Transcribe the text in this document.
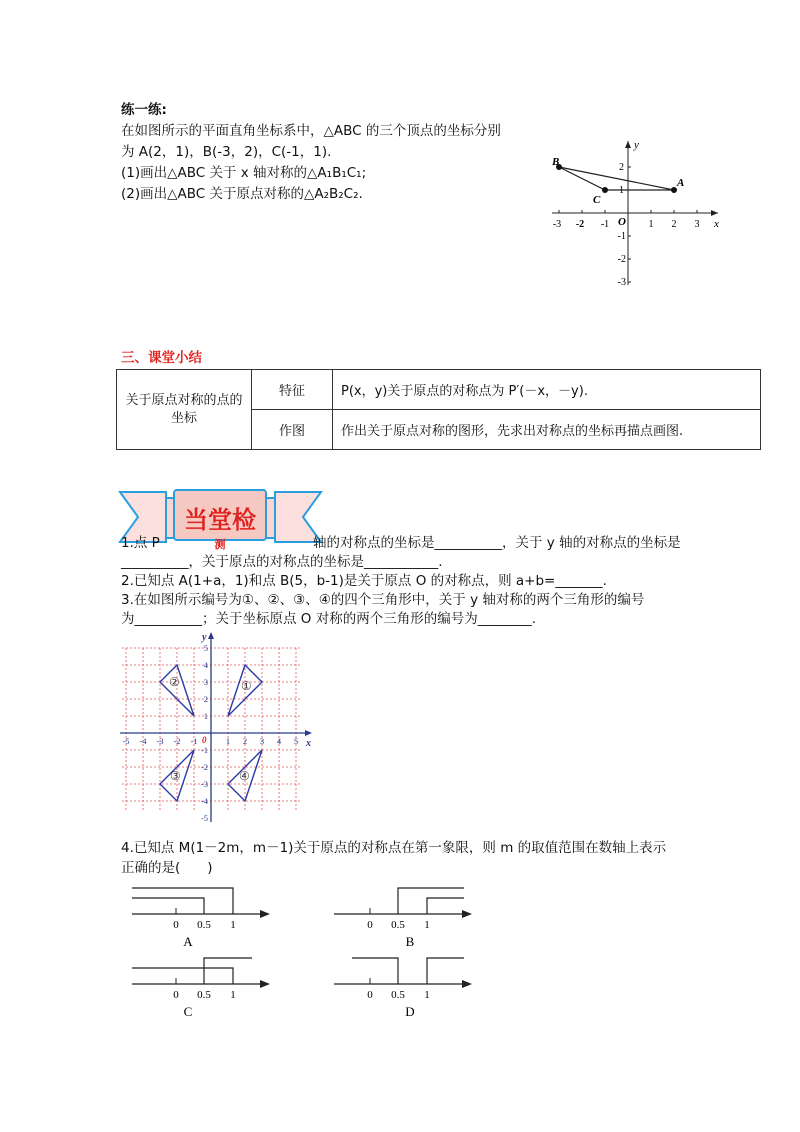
练一练:
在如图所示的平面直角坐标系中，△ABC 的三个顶点的坐标分别
为 A(2，1)，B(-3，2)，C(-1，1).
(1)画出△ABC 关于 x 轴对称的△A₁B₁C₁;
(2)画出△ABC 关于原点对称的△A₂B₂C₂.
A
B
C
O	x
y
-3 -2 -1	1 2 3
2
1
-1
-2
-3
三、课堂小结
关于原点对称的点的坐标	特征	P(x，y)关于原点的对称点为 P′(－x，－y).
	作图	作出关于原点对称的图形，先求出对称点的坐标再描点画图.
当堂检
测
1.点 P	轴的对称点的坐标是__________，关于 y 轴的对称点的坐标是
__________，关于原点的对称点的坐标是___________.
2.已知点 A(1+a，1)和点 B(5，b-1)是关于原点 O 的对称点，则 a+b=_______.
3.在如图所示编号为①、②、③、④的四个三角形中，关于 y 轴对称的两个三角形的编号
为__________；关于坐标原点 O 对称的两个三角形的编号为________.
①
②
③	④
-5 -4 -3 -2 -1	1 2 3 4 5
5
4
3
2
1
-1
-2
-3
-4
-5
0	x
y
4.已知点 M(1－2m，m－1)关于原点的对称点在第一象限，则 m 的取值范围在数轴上表示
正确的是(　　)
0 0.5 1
A
0 0.5 1
B
0 0.5 1
C
0 0.5 1
D
